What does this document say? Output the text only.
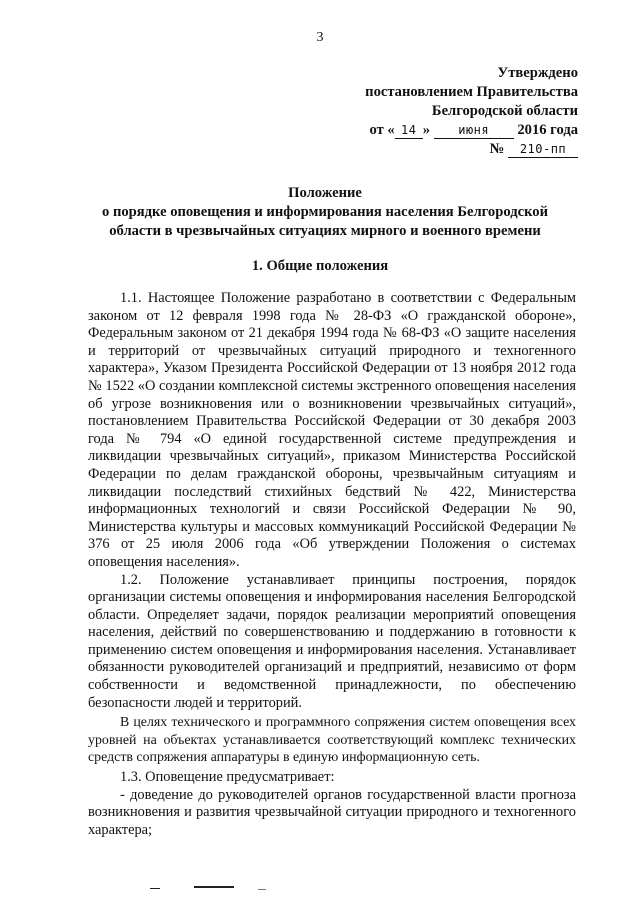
3
Утверждено
постановлением Правительства
Белгородской области
от « 14 » июня 2016 года
№ 210-пп
Положение
о порядке оповещения и информирования населения Белгородской
области в чрезвычайных ситуациях мирного и военного времени
1. Общие положения

1.1. Настоящее Положение разработано в соответствии с Федеральным законом от 12 февраля 1998 года № 28-ФЗ «О гражданской обороне», Федеральным законом от 21 декабря 1994 года № 68-ФЗ «О защите населения и территорий от чрезвычайных ситуаций природного и техногенного характера», Указом Президента Российской Федерации от 13 ноября 2012 года № 1522 «О создании комплексной системы экстренного оповещения населения об угрозе возникновения или о возникновении чрезвычайных ситуаций», постановлением Правительства Российской Федерации от 30 декабря 2003 года № 794 «О единой государственной системе предупреждения и ликвидации чрезвычайных ситуаций», приказом Министерства Российской Федерации по делам гражданской обороны, чрезвычайным ситуациям и ликвидации последствий стихийных бедствий № 422, Министерства информационных технологий и связи Российской Федерации № 90, Министерства культуры и массовых коммуникаций Российской Федерации № 376 от 25 июля 2006 года «Об утверждении Положения о системах оповещения населения».

1.2. Положение устанавливает принципы построения, порядок организации системы оповещения и информирования населения Белгородской области. Определяет задачи, порядок реализации мероприятий оповещения населения, действий по совершенствованию и поддержанию в готовности к применению систем оповещения и информирования населения. Устанавливает обязанности руководителей организаций и предприятий, независимо от форм собственности и ведомственной принадлежности, по обеспечению безопасности людей и территорий.

В целях технического и программного сопряжения систем оповещения всех уровней на объектах устанавливается соответствующий комплекс технических средств сопряжения аппаратуры в единую информационную сеть.

1.3. Оповещение предусматривает:

- доведение до руководителей органов государственной власти прогноза возникновения и развития чрезвычайной ситуации природного и техногенного характера;
